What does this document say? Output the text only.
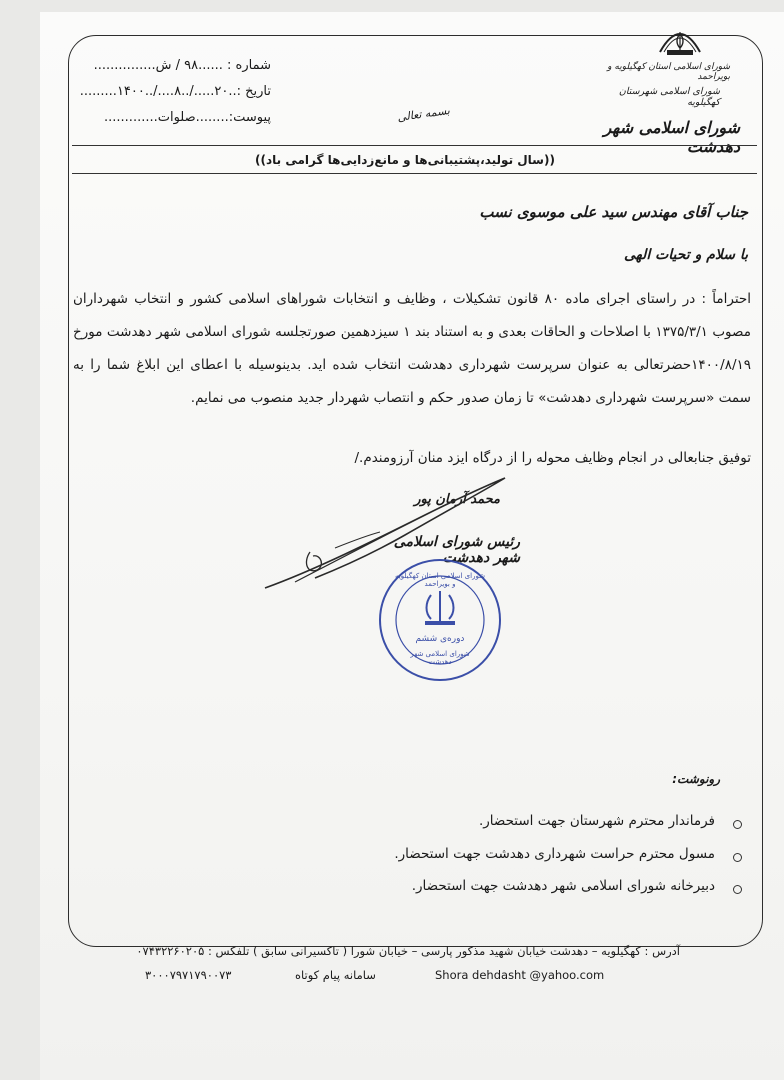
شماره : ......۹۸ / ش...............
تاریخ :..۲۰...../..۸..../..۱۴۰۰.........
پیوست:........صلوات.............	بسمه تعالی
شورای اسلامی استان کهگیلویه و بویراحمد
شورای اسلامی شهرستان کهگیلویه
شورای اسلامی شهر دهدشت
((سال تولید،پشتیبانی‌ها و مانع‌زدایی‌ها گرامی باد))
جناب آقای مهندس سید علی موسوی نسب
با سلام و تحیات الهی
احتراماً : در راستای اجرای ماده ۸۰ قانون تشکیلات ، وظایف و انتخابات شوراهای اسلامی کشور و انتخاب شهرداران مصوب ۱۳۷۵/۳/۱ با اصلاحات و الحاقات بعدی و به استناد بند ۱ سیزدهمین صورتجلسه شورای اسلامی شهر دهدشت مورخ ۱۴۰۰/۸/۱۹حضرتعالی به عنوان سرپرست شهرداری دهدشت انتخاب شده اید. بدینوسیله با اعطای این ابلاغ شما را به سمت «سرپرست شهرداری دهدشت» تا زمان صدور حکم و انتصاب شهردار جدید منصوب می نمایم.
توفیق جنابعالی در انجام وظایف محوله را از درگاه ایزد منان آرزومندم./
محمد آرمان پور
رئیس شورای اسلامی شهر دهدشت
شورای اسلامی استان کهگیلویه و بویراحمد
دوره‌ی ششم
شورای اسلامی شهر دهدشت
رونوشت:
فرماندار محترم شهرستان جهت استحضار.
مسول محترم حراست شهرداری دهدشت جهت استحضار.
دبیرخانه شورای اسلامی شهر دهدشت جهت استحضار.
آدرس : کهگیلویه – دهدشت خیابان شهید مذکور پارسی – خیابان شورا ( تاکسیرانی سابق ) تلفکس : ۰۷۴۳۲۲۶۰۲۰۵
۳۰۰۰۷۹۷۱۷۹۰۰۷۳	سامانه پیام کوتاه	Shora dehdasht @yahoo.com
